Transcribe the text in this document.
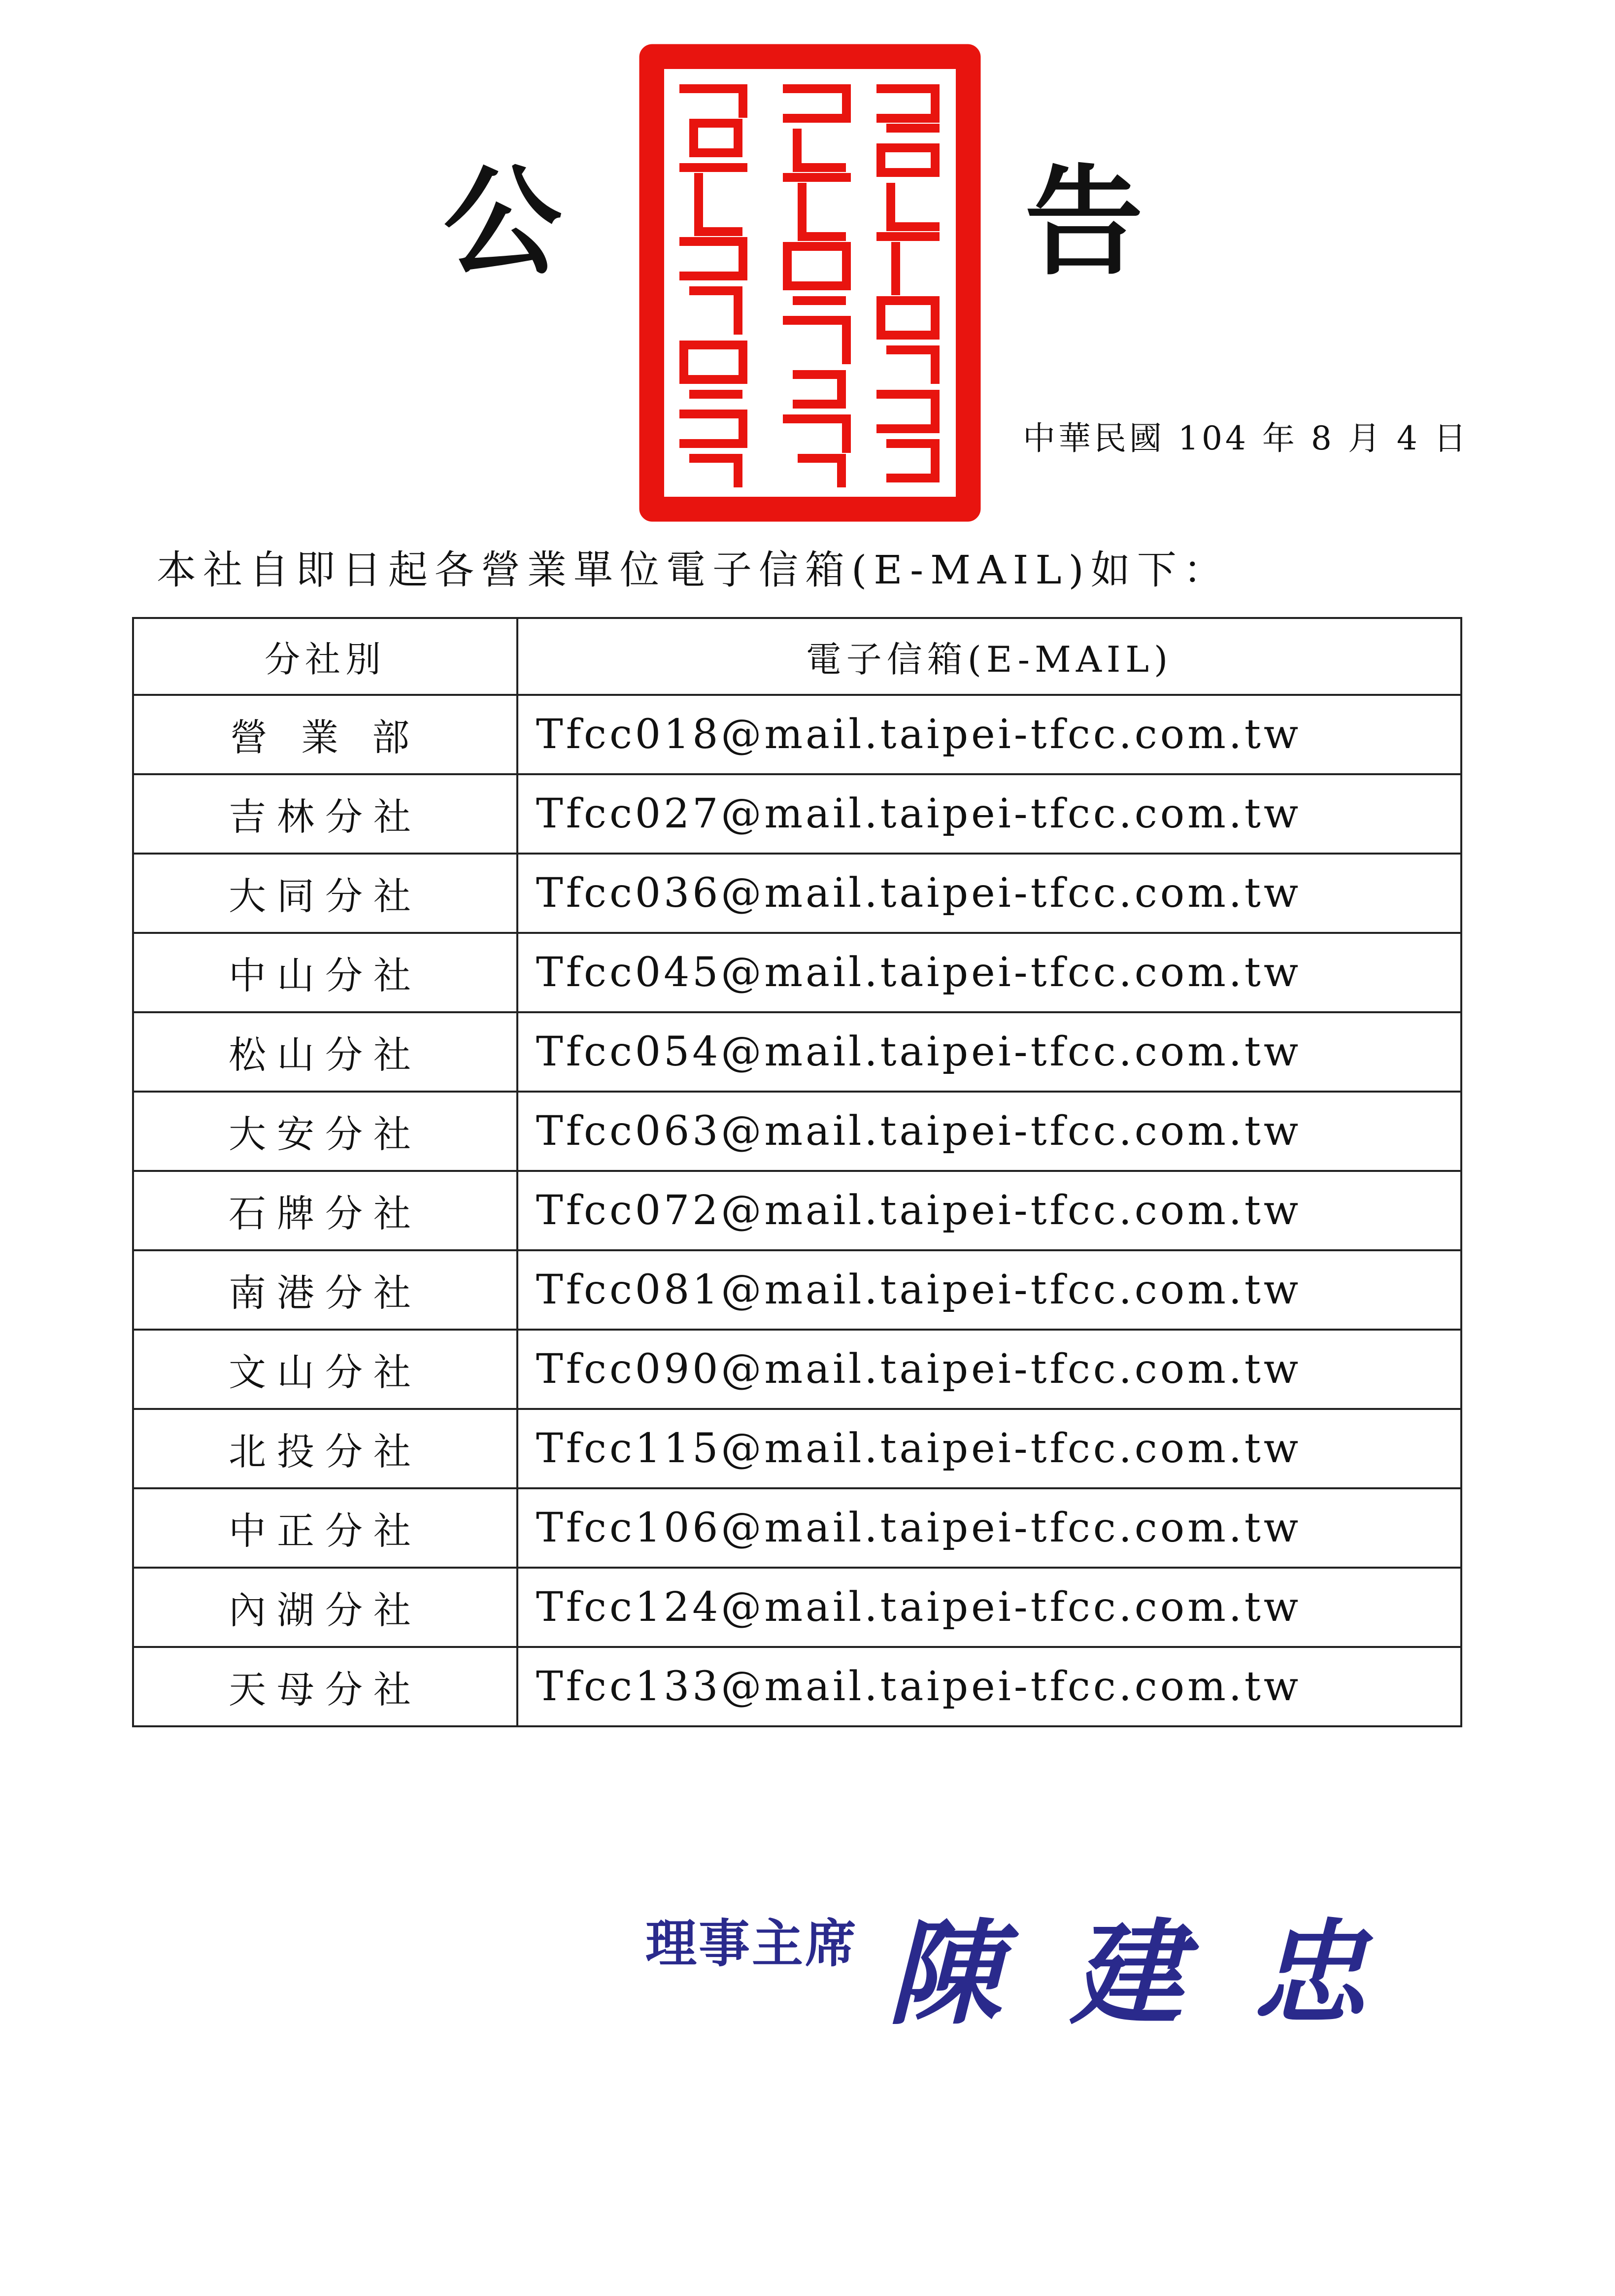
公	告
中華民國 104 年 8 月 4 日
本社自即日起各營業單位電子信箱(E-MAIL)如下：
分社別	電子信箱(E-MAIL)
營 業 部	Tfcc018@mail.taipei-tfcc.com.tw
吉林分社	Tfcc027@mail.taipei-tfcc.com.tw
大同分社	Tfcc036@mail.taipei-tfcc.com.tw
中山分社	Tfcc045@mail.taipei-tfcc.com.tw
松山分社	Tfcc054@mail.taipei-tfcc.com.tw
大安分社	Tfcc063@mail.taipei-tfcc.com.tw
石牌分社	Tfcc072@mail.taipei-tfcc.com.tw
南港分社	Tfcc081@mail.taipei-tfcc.com.tw
文山分社	Tfcc090@mail.taipei-tfcc.com.tw
北投分社	Tfcc115@mail.taipei-tfcc.com.tw
中正分社	Tfcc106@mail.taipei-tfcc.com.tw
內湖分社	Tfcc124@mail.taipei-tfcc.com.tw
天母分社	Tfcc133@mail.taipei-tfcc.com.tw
理事主席 陳建忠
